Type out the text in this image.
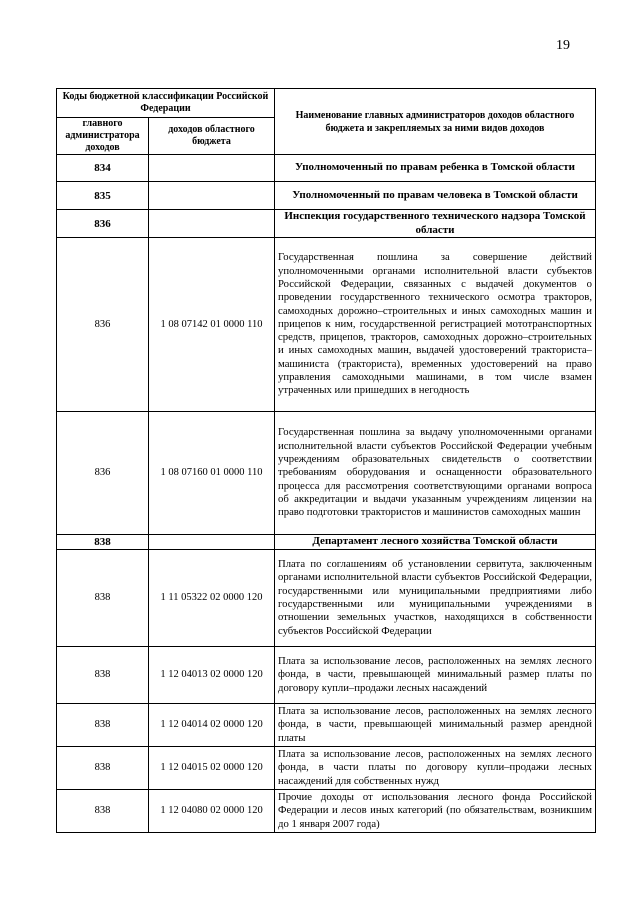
19
Коды бюджетной классификации Российской Федерации		Наименование главных администраторов доходов областного бюджета и закрепляемых за ними видов доходов
главного администратора доходов	доходов областного бюджета	
834		Уполномоченный по правам ребенка в Томской области
835		Уполномоченный по правам человека в Томской области
836		Инспекция государственного технического надзора Томской области
836	1 08 07142 01 0000 110	Государственная пошлина за совершение действий уполномоченными органами исполнительной власти субъектов Российской Федерации, связанных с выдачей документов о проведении государственного технического осмотра тракторов, самоходных дорожно–строительных и иных самоходных машин и прицепов к ним, государственной регистрацией мототранспортных средств, прицепов, тракторов, самоходных дорожно–строительных и иных самоходных машин, выдачей удостоверений тракториста–машиниста (тракториста), временных удостоверений на право управления самоходными машинами, в том числе взамен утраченных или пришедших в негодность
836	1 08 07160 01 0000 110	Государственная пошлина за выдачу уполномоченными органами исполнительной власти субъектов Российской Федерации учебным учреждениям образовательных свидетельств о соответствии требованиям оборудования и оснащенности образовательного процесса для рассмотрения соответствующими органами вопроса об аккредитации и выдачи указанным учреждениям лицензии на право подготовки трактористов и машинистов самоходных машин
838		Департамент лесного хозяйства Томской области
838	1 11 05322 02 0000 120	Плата по соглашениям об установлении сервитута, заключенным органами исполнительной власти субъектов Российской Федерации, государственными или муниципальными предприятиями либо государственными или муниципальными учреждениями в отношении земельных участков, находящихся в собственности субъектов Российской Федерации
838	1 12 04013 02 0000 120	Плата за использование лесов, расположенных на землях лесного фонда, в части, превышающей минимальный размер платы по договору купли–продажи лесных насаждений
838	1 12 04014 02 0000 120	Плата за использование лесов, расположенных на землях лесного фонда, в части, превышающей минимальный размер арендной платы
838	1 12 04015 02 0000 120	Плата за использование лесов, расположенных на землях лесного фонда, в части платы по договору купли–продажи лесных насаждений для собственных нужд
838	1 12 04080 02 0000 120	Прочие доходы от использования лесного фонда Российской Федерации и лесов иных категорий (по обязательствам, возникшим до 1 января 2007 года)
